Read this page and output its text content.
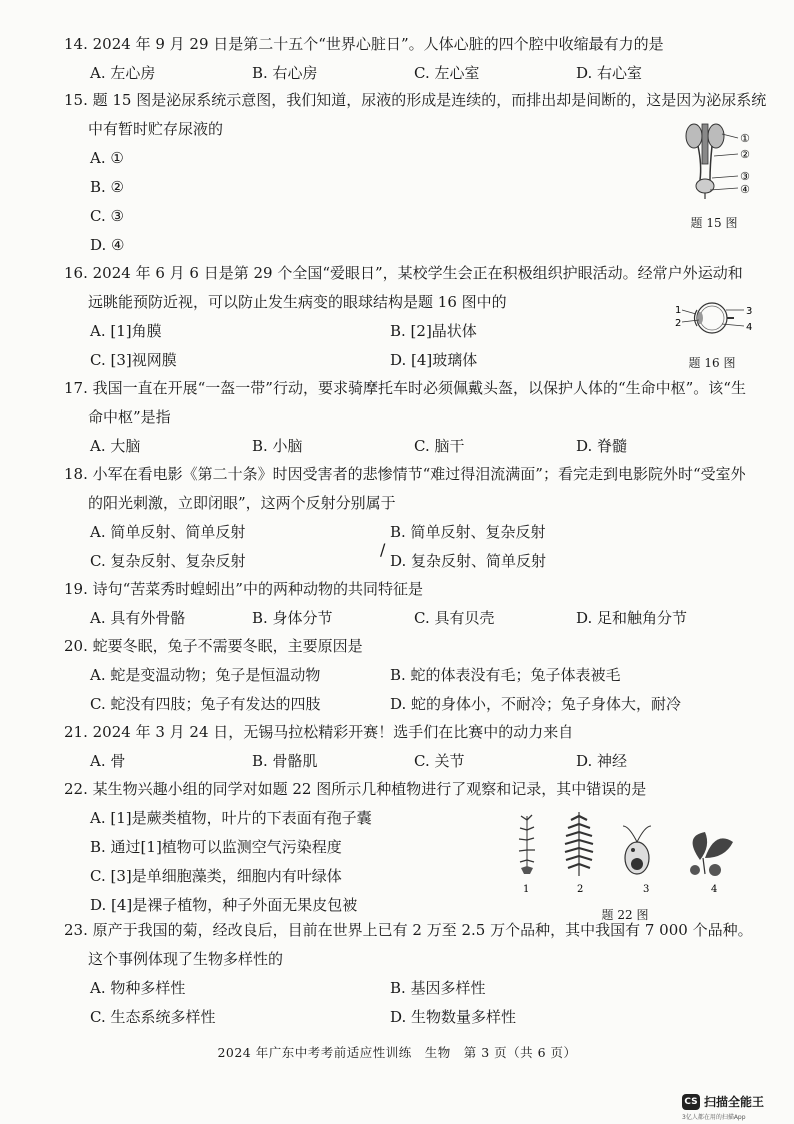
14. 2024 年 9 月 29 日是第二十五个“世界心脏日”。人体心脏的四个腔中收缩最有力的是
A. 左心房	B. 右心房	C. 左心室	D. 右心室
15. 题 15 图是泌尿系统示意图，我们知道，尿液的形成是连续的，而排出却是间断的，这是因为泌尿系统中有暂时贮存尿液的
A. ①
B. ②
C. ③
D. ④
①
②
③
④
题 15 图
16. 2024 年 6 月 6 日是第 29 个全国“爱眼日”，某校学生会正在积极组织护眼活动。经常户外运动和远眺能预防近视，可以防止发生病变的眼球结构是题 16 图中的
A. [1]角膜	B. [2]晶状体
C. [3]视网膜	D. [4]玻璃体
1
2
3
4
题 16 图
17. 我国一直在开展“一盔一带”行动，要求骑摩托车时必须佩戴头盔，以保护人体的“生命中枢”。该“生命中枢”是指
A. 大脑	B. 小脑	C. 脑干	D. 脊髓
18. 小军在看电影《第二十条》时因受害者的悲惨情节“难过得泪流满面”；看完走到电影院外时“受室外的阳光刺激，立即闭眼”，这两个反射分别属于
A. 简单反射、简单反射	B. 简单反射、复杂反射
C. 复杂反射、复杂反射	D. 复杂反射、简单反射
/
19. 诗句“苦菜秀时蝗蚓出”中的两种动物的共同特征是
A. 具有外骨骼	B. 身体分节	C. 具有贝壳	D. 足和触角分节
20. 蛇要冬眠，兔子不需要冬眠，主要原因是
A. 蛇是变温动物；兔子是恒温动物	B. 蛇的体表没有毛；兔子体表被毛
C. 蛇没有四肢；兔子有发达的四肢	D. 蛇的身体小，不耐冷；兔子身体大，耐冷
21. 2024 年 3 月 24 日，无锡马拉松精彩开赛！选手们在比赛中的动力来自
A. 骨	B. 骨骼肌	C. 关节	D. 神经
22. 某生物兴趣小组的同学对如题 22 图所示几种植物进行了观察和记录，其中错误的是
A. [1]是蕨类植物，叶片的下表面有孢子囊
B. 通过[1]植物可以监测空气污染程度
C. [3]是单细胞藻类，细胞内有叶绿体
D. [4]是裸子植物，种子外面无果皮包被
1	2	3	4
题 22 图
23. 原产于我国的菊，经改良后，目前在世界上已有 2 万至 2.5 万个品种，其中我国有 7 000 个品种。这个事例体现了生物多样性的
A. 物种多样性	B. 基因多样性
C. 生态系统多样性	D. 生物数量多样性
2024 年广东中考考前适应性训练　生物　第 3 页（共 6 页）
CS 扫描全能王
3亿人都在用的扫描App
